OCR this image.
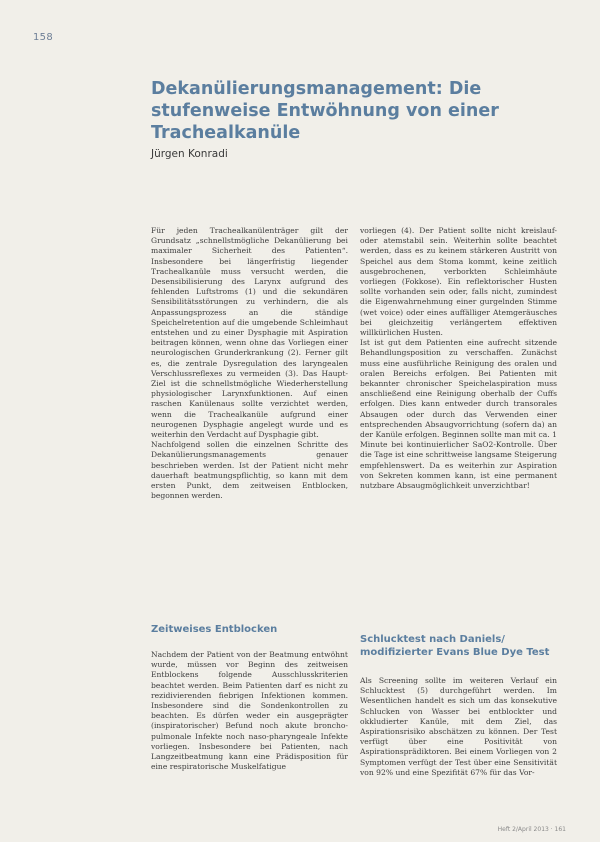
158
Dekanülierungsmanagement: Die stufenweise Entwöhnung von einer Trachealkanüle
Jürgen Konradi

Für jeden Trachealkanülenträger gilt der Grundsatz „schnellstmögliche Dekanülierung bei maximaler Sicherheit des Patienten“. Insbesondere bei längerfristig liegender Trachealkanüle muss versucht werden, die Desensibilisierung des Larynx aufgrund des fehlenden Luftstroms (1) und die sekundären Sensibilitätsstörungen zu verhindern, die als Anpassungsprozess an die ständige Speichelretention auf die umgebende Schleimhaut entstehen und zu einer Dysphagie mit Aspiration beitragen können, wenn ohne das Vorliegen einer neurologischen Grunderkrankung (2). Ferner gilt es, die zentrale Dysregulation des laryngealen Verschlussreflexes zu vermeiden (3). Das Haupt-Ziel ist die schnellstmögliche Wiederherstellung physiologischer Larynxfunktionen. Auf einen raschen Kanülenaus sollte verzichtet werden, wenn die Trachealkanüle aufgrund einer neurogenen Dysphagie angelegt wurde und es weiterhin den Verdacht auf Dysphagie gibt.

Nachfolgend sollen die einzelnen Schritte des Dekanülierungsmanagements genauer beschrieben werden. Ist der Patient nicht mehr dauerhaft beatmungspflichtig, so kann mit dem ersten Punkt, dem zeitweisen Entblocken, begonnen werden.

vorliegen (4). Der Patient sollte nicht kreislauf- oder atemstabil sein. Weiterhin sollte beachtet werden, dass es zu keinem stärkeren Austritt von Speichel aus dem Stoma kommt, keine zeitlich ausgebrochenen, verborkten Schleimhäute vorliegen (Fokkose). Ein reflektorischer Husten sollte vorhanden sein oder, falls nicht, zumindest die Eigenwahrnehmung einer gurgelnden Stimme (wet voice) oder eines auffälliger Atemgeräusches bei gleichzeitig verlängertem effektiven willkürlichen Husten.

Ist ist gut dem Patienten eine aufrecht sitzende Behandlungsposition zu verschaffen. Zunächst muss eine ausführliche Reinigung des oralen und oralen Bereichs erfolgen. Bei Patienten mit bekannter chronischer Speichelaspiration muss anschließend eine Reinigung oberhalb der Cuffs erfolgen. Dies kann entweder durch transorales Absaugen oder durch das Verwenden einer entsprechenden Absaugvorrichtung (sofern da) an der Kanüle erfolgen. Beginnen sollte man mit ca. 1 Minute bei kontinuierlicher SaO2-Kontrolle. Über die Tage ist eine schrittweise langsame Steigerung empfehlenswert. Da es weiterhin zur Aspiration von Sekreten kommen kann, ist eine permanent nutzbare Absaugmöglichkeit unverzichtbar!

Zeitweises Entblocken

Nachdem der Patient von der Beatmung entwöhnt wurde, müssen vor Beginn des zeitweisen Entblockens folgende Ausschlusskriterien beachtet werden. Beim Patienten darf es nicht zu rezidivierenden fiebrigen Infektionen kommen. Insbesondere sind die Sondenkontrollen zu beachten. Es dürfen weder ein ausgeprägter (inspiratorischer) Befund noch akute broncho-pulmonale Infekte noch naso-pharyngeale Infekte vorliegen. Insbesondere bei Patienten, nach Langzeitbeatmung kann eine Prädisposition für eine respiratorische Muskelfatigue

Schlucktest nach Daniels/ modifizierter Evans Blue Dye Test

Als Screening sollte im weiteren Verlauf ein Schlucktest (5) durchgeführt werden. Im Wesentlichen handelt es sich um das konsekutive Schlucken von Wasser bei entblockter und okkludierter Kanüle, mit dem Ziel, das Aspirationsrisiko abschätzen zu können. Der Test verfügt über eine Positivität von Aspirationsprädiktoren. Bei einem Vorliegen von 2 Symptomen verfügt der Test über eine Sensitivität von 92% und eine Spezifität 67% für das Vor-

Heft 2/April 2013 · 161
